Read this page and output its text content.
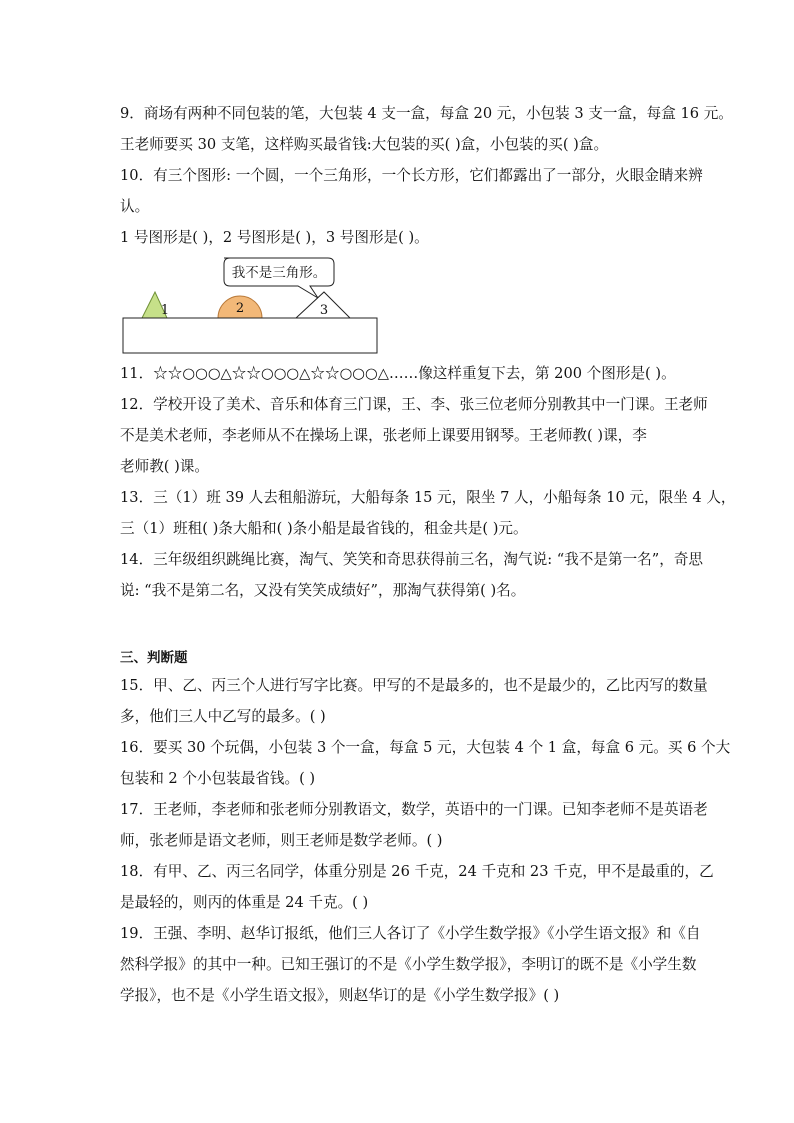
9．商场有两种不同包装的笔，大包装 4 支一盒，每盒 20 元，小包装 3 支一盒，每盒 16 元。
王老师要买 30 支笔，这样购买最省钱:大包装的买( )盒，小包装的买( )盒。
10．有三个图形: 一个圆，一个三角形，一个长方形，它们都露出了一部分，火眼金睛来辨
认。
1 号图形是( )，2 号图形是( )，3 号图形是( )。
我不是三角形。
1	2	3
11．☆☆○○○△☆☆○○○△☆☆○○○△……像这样重复下去，第 200 个图形是( )。
12．学校开设了美术、音乐和体育三门课，王、李、张三位老师分别教其中一门课。王老师
不是美术老师，李老师从不在操场上课，张老师上课要用钢琴。王老师教( )课，李
老师教( )课。
13．三（1）班 39 人去租船游玩，大船每条 15 元，限坐 7 人，小船每条 10 元，限坐 4 人，
三（1）班租( )条大船和( )条小船是最省钱的，租金共是( )元。
14．三年级组织跳绳比赛，淘气、笑笑和奇思获得前三名，淘气说: “我不是第一名”，奇思
说: “我不是第二名，又没有笑笑成绩好”，那淘气获得第( )名。
三、判断题
15．甲、乙、丙三个人进行写字比赛。甲写的不是最多的，也不是最少的，乙比丙写的数量
多，他们三人中乙写的最多。( )
16．要买 30 个玩偶，小包装 3 个一盒，每盒 5 元，大包装 4 个 1 盒，每盒 6 元。买 6 个大
包装和 2 个小包装最省钱。( )
17．王老师，李老师和张老师分别教语文，数学，英语中的一门课。已知李老师不是英语老
师，张老师是语文老师，则王老师是数学老师。( )
18．有甲、乙、丙三名同学，体重分别是 26 千克，24 千克和 23 千克，甲不是最重的，乙
是最轻的，则丙的体重是 24 千克。( )
19．王强、李明、赵华订报纸，他们三人各订了《小学生数学报》《小学生语文报》和《自
然科学报》的其中一种。已知王强订的不是《小学生数学报》，李明订的既不是《小学生数
学报》，也不是《小学生语文报》，则赵华订的是《小学生数学报》( )
